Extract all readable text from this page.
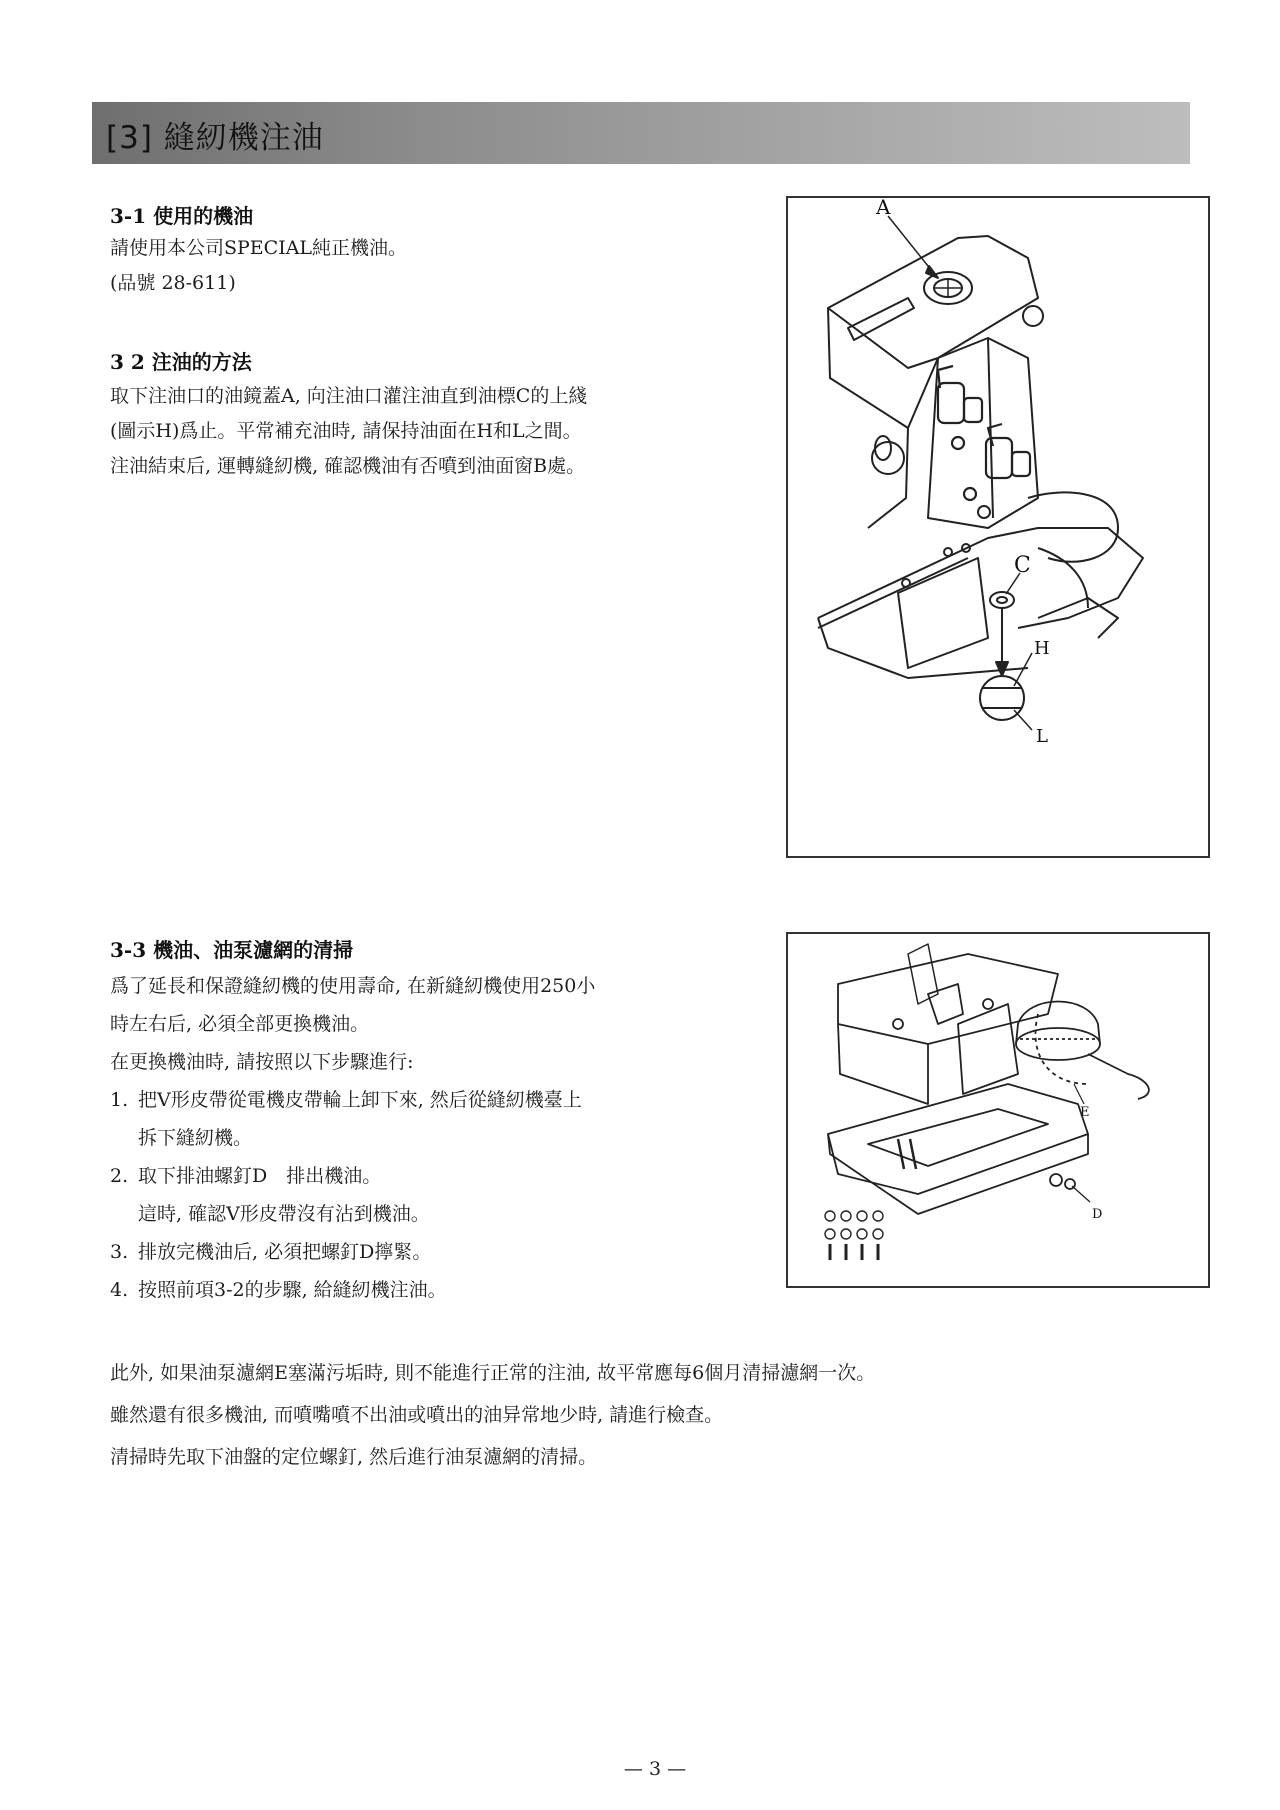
[3] 縫紉機注油
3-1 使用的機油

請使用本公司SPECIAL純正機油。

(品號 28-611)

3 2 注油的方法

取下注油口的油鏡蓋A, 向注油口灌注油直到油標C的上綫

(圖示H)爲止。平常補充油時, 請保持油面在H和L之間。

注油結束后, 運轉縫紉機, 確認機油有否噴到油面窗B處。

A
C
H
L
3-3 機油、油泵濾網的清掃

爲了延長和保證縫紉機的使用壽命, 在新縫紉機使用250小

時左右后, 必須全部更換機油。

在更換機油時, 請按照以下步驟進行:

1. 把V形皮帶從電機皮帶輪上卸下來, 然后從縫紉機臺上
拆下縫紉機。
2. 取下排油螺釘D　排出機油。
這時, 確認V形皮帶沒有沾到機油。
3. 排放完機油后, 必須把螺釘D擰緊。
4. 按照前項3-2的步驟, 給縫紉機注油。
E
D

此外, 如果油泵濾網E塞滿污垢時, 則不能進行正常的注油, 故平常應每6個月清掃濾網一次。

雖然還有很多機油, 而噴嘴噴不出油或噴出的油异常地少時, 請進行檢查。

清掃時先取下油盤的定位螺釘, 然后進行油泵濾網的清掃。

— 3 —
